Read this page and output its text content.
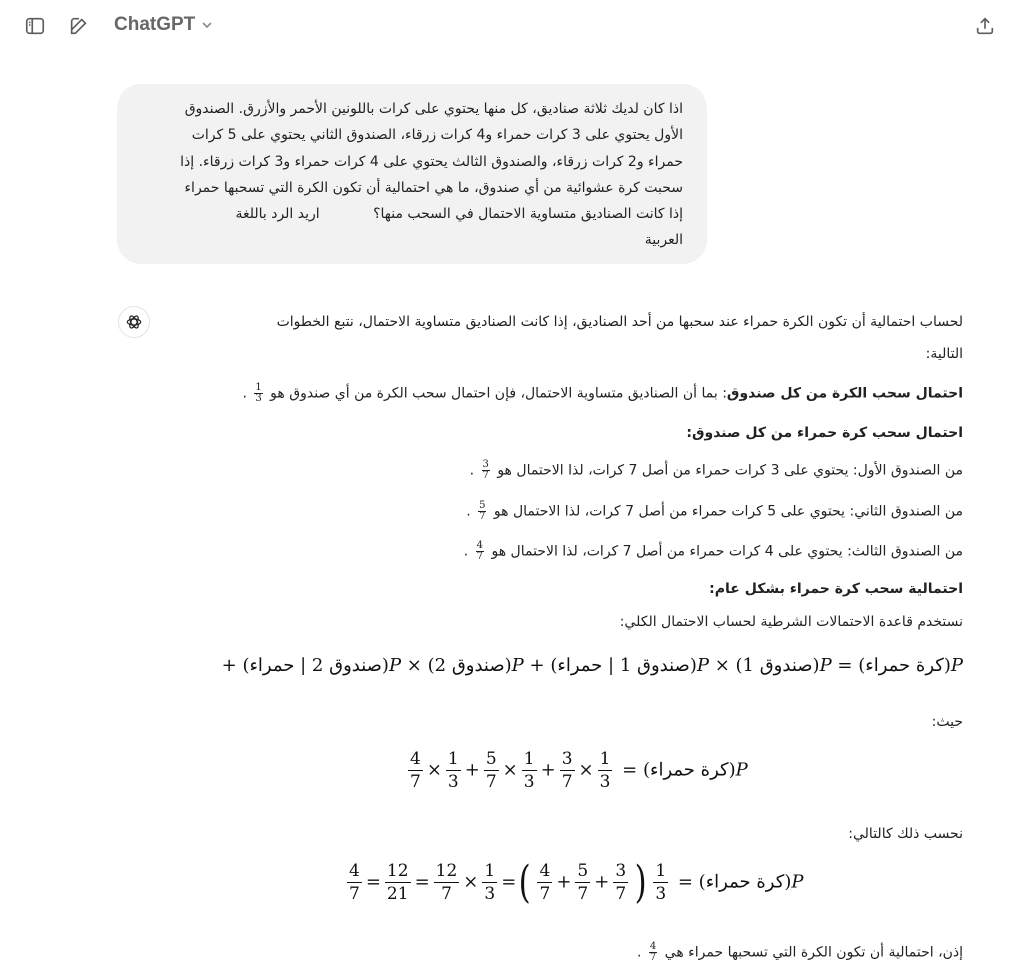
ChatGPT
اذا كان لديك ثلاثة صناديق، كل منها يحتوي على كرات باللونين الأحمر والأزرق. الصندوق
الأول يحتوي على 3 كرات حمراء و4 كرات زرقاء، الصندوق الثاني يحتوي على 5 كرات
حمراء و2 كرات زرقاء، والصندوق الثالث يحتوي على 4 كرات حمراء و3 كرات زرقاء. إذا
سحبت كرة عشوائية من أي صندوق، ما هي احتمالية أن تكون الكرة التي تسحبها حمراء
إذا كانت الصناديق متساوية الاحتمال في السحب منها؟            اريد الرد باللغة
العربية
لحساب احتمالية أن تكون الكرة حمراء عند سحبها من أحد الصناديق، إذا كانت الصناديق متساوية الاحتمال، نتبع الخطوات
التالية:
احتمال سحب الكرة من كل صندوق: بما أن الصناديق متساوية الاحتمال، فإن احتمال سحب الكرة من أي صندوق هو
$\frac{1}{3}$
.
احتمال سحب كرة حمراء من كل صندوق:
من الصندوق الأول: يحتوي على 3 كرات حمراء من أصل 7 كرات، لذا الاحتمال هو
$\frac{3}{7}$
.
من الصندوق الثاني: يحتوي على 5 كرات حمراء من أصل 7 كرات، لذا الاحتمال هو
$\frac{5}{7}$
.
من الصندوق الثالث: يحتوي على 4 كرات حمراء من أصل 7 كرات، لذا الاحتمال هو
$\frac{4}{7}$
.
احتمالية سحب كرة حمراء بشكل عام:
نستخدم قاعدة الاحتمالات الشرطية لحساب الاحتمال الكلي:
+ (	صندوق 2 | حمراء	)P × (صندوق 2)P + (	صندوق 1 | حمراء	)P × (صندوق 1)P = (كرة حمراء)P
حيث:
$\frac{4}{7} \times \frac{1}{3} + \frac{5}{7} \times \frac{1}{3} + \frac{3}{7} \times \frac{1}{3}$ = (كرة حمراء)P
نحسب ذلك كالتالي:
$\frac{4}{7} = \frac{12}{21} = \frac{12}{7} \times \frac{1}{3}$ =( $\frac{4}{7} + \frac{5}{7} + \frac{3}{7}$ ) $\frac{1}{3}$ = (كرة حمراء)P
إذن، احتمالية أن تكون الكرة التي تسحبها حمراء هي
$\frac{4}{7}$
.
